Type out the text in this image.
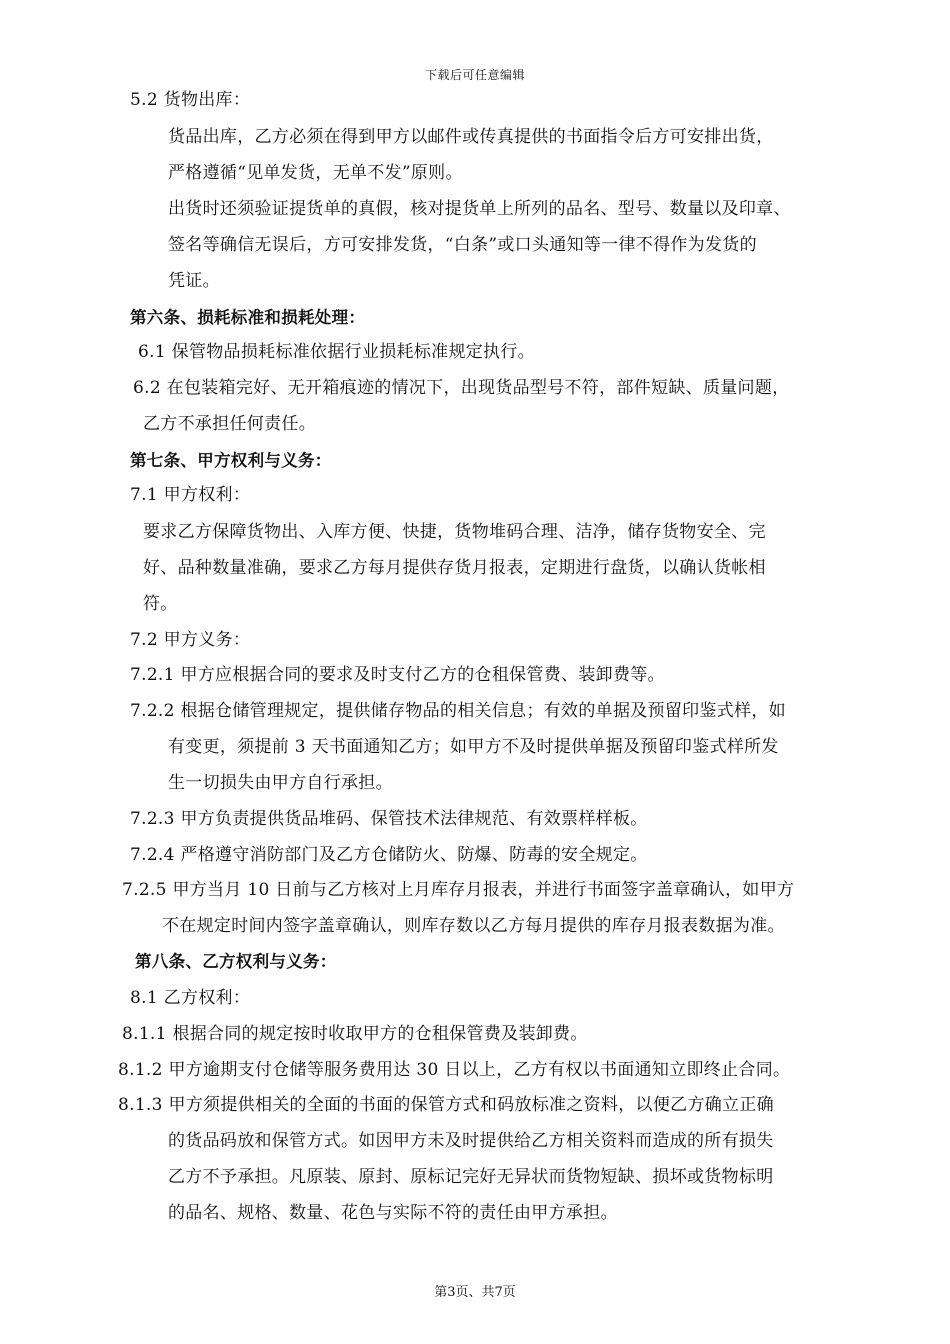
下载后可任意编辑
5.2 货物出库：
货品出库，乙方必须在得到甲方以邮件或传真提供的书面指令后方可安排出货，
严格遵循“见单发货，无单不发”原则。
出货时还须验证提货单的真假，核对提货单上所列的品名、型号、数量以及印章、
签名等确信无误后，方可安排发货，“白条”或口头通知等一律不得作为发货的
凭证。
第六条、损耗标准和损耗处理：
6.1 保管物品损耗标准依据行业损耗标准规定执行。
6.2 在包装箱完好、无开箱痕迹的情况下，出现货品型号不符，部件短缺、质量问题，
乙方不承担任何责任。
第七条、甲方权利与义务：
7.1 甲方权利：
要求乙方保障货物出、入库方便、快捷，货物堆码合理、洁净，储存货物安全、完
好、品种数量准确，要求乙方每月提供存货月报表，定期进行盘货，以确认货帐相
符。
7.2 甲方义务：
7.2.1 甲方应根据合同的要求及时支付乙方的仓租保管费、装卸费等。
7.2.2 根据仓储管理规定，提供储存物品的相关信息；有效的单据及预留印鉴式样，如
有变更，须提前 3 天书面通知乙方；如甲方不及时提供单据及预留印鉴式样所发
生一切损失由甲方自行承担。
7.2.3 甲方负责提供货品堆码、保管技术法律规范、有效票样样板。
7.2.4 严格遵守消防部门及乙方仓储防火、防爆、防毒的安全规定。
7.2.5 甲方当月 10 日前与乙方核对上月库存月报表，并进行书面签字盖章确认，如甲方
不在规定时间内签字盖章确认，则库存数以乙方每月提供的库存月报表数据为准。
第八条、乙方权利与义务：
8.1 乙方权利：
8.1.1 根据合同的规定按时收取甲方的仓租保管费及装卸费。
8.1.2 甲方逾期支付仓储等服务费用达 30 日以上，乙方有权以书面通知立即终止合同。
8.1.3 甲方须提供相关的全面的书面的保管方式和码放标准之资料，以便乙方确立正确
的货品码放和保管方式。如因甲方未及时提供给乙方相关资料而造成的所有损失
乙方不予承担。凡原装、原封、原标记完好无异状而货物短缺、损坏或货物标明
的品名、规格、数量、花色与实际不符的责任由甲方承担。
第3页、共7页
